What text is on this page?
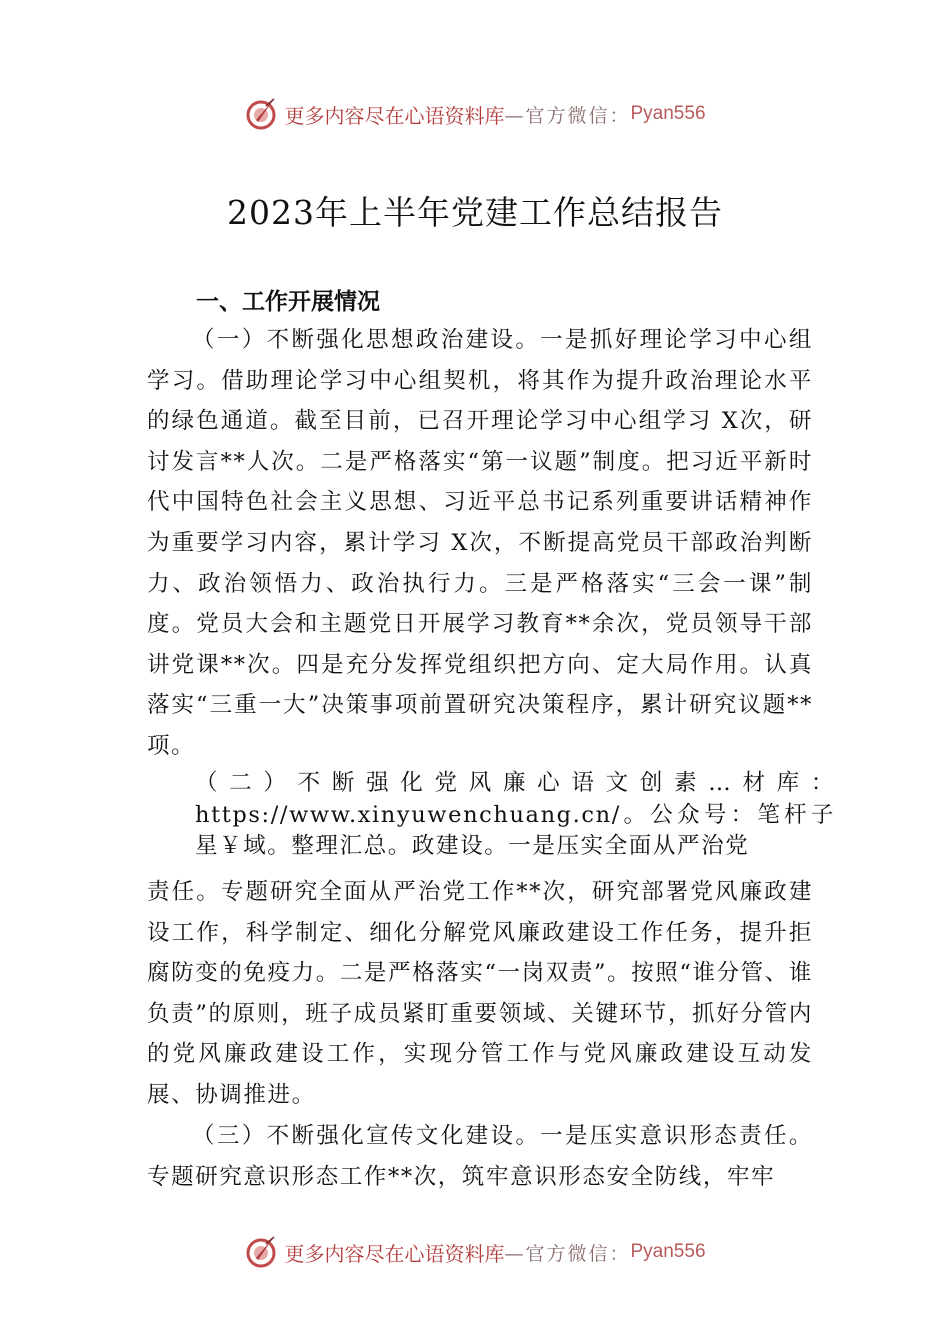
更多内容尽在心语资料库 —官方微信： Pyan556
2023年上半年党建工作总结报告
一、工作开展情况
（一）不断强化思想政治建设。一是抓好理论学习中心组学习。借助理论学习中心组契机，将其作为提升政治理论水平的绿色通道。截至目前，已召开理论学习中心组学习 X次，研讨发言**人次。二是严格落实“第一议题”制度。把习近平新时代中国特色社会主义思想、习近平总书记系列重要讲话精神作为重要学习内容，累计学习 X次，不断提高党员干部政治判断力、政治领悟力、政治执行力。三是严格落实“三会一课”制度。党员大会和主题党日开展学习教育**余次，党员领导干部讲党课**次。四是充分发挥党组织把方向、定大局作用。认真落实“三重一大”决策事项前置研究决策程序，累计研究议题**项。
（二）不断强化党风廉心语文创素…材库：https://www.xinyuwenchuang.cn/。公众号：笔杆子星￥域。整理汇总。政建设。一是压实全面从严治党
责任。专题研究全面从严治党工作**次，研究部署党风廉政建设工作，科学制定、细化分解党风廉政建设工作任务，提升拒腐防变的免疫力。二是严格落实“一岗双责”。按照“谁分管、谁负责”的原则，班子成员紧盯重要领域、关键环节，抓好分管内的党风廉政建设工作，实现分管工作与党风廉政建设互动发展、协调推进。
（三）不断强化宣传文化建设。一是压实意识形态责任。专题研究意识形态工作**次，筑牢意识形态安全防线，牢牢
更多内容尽在心语资料库 —官方微信： Pyan556
